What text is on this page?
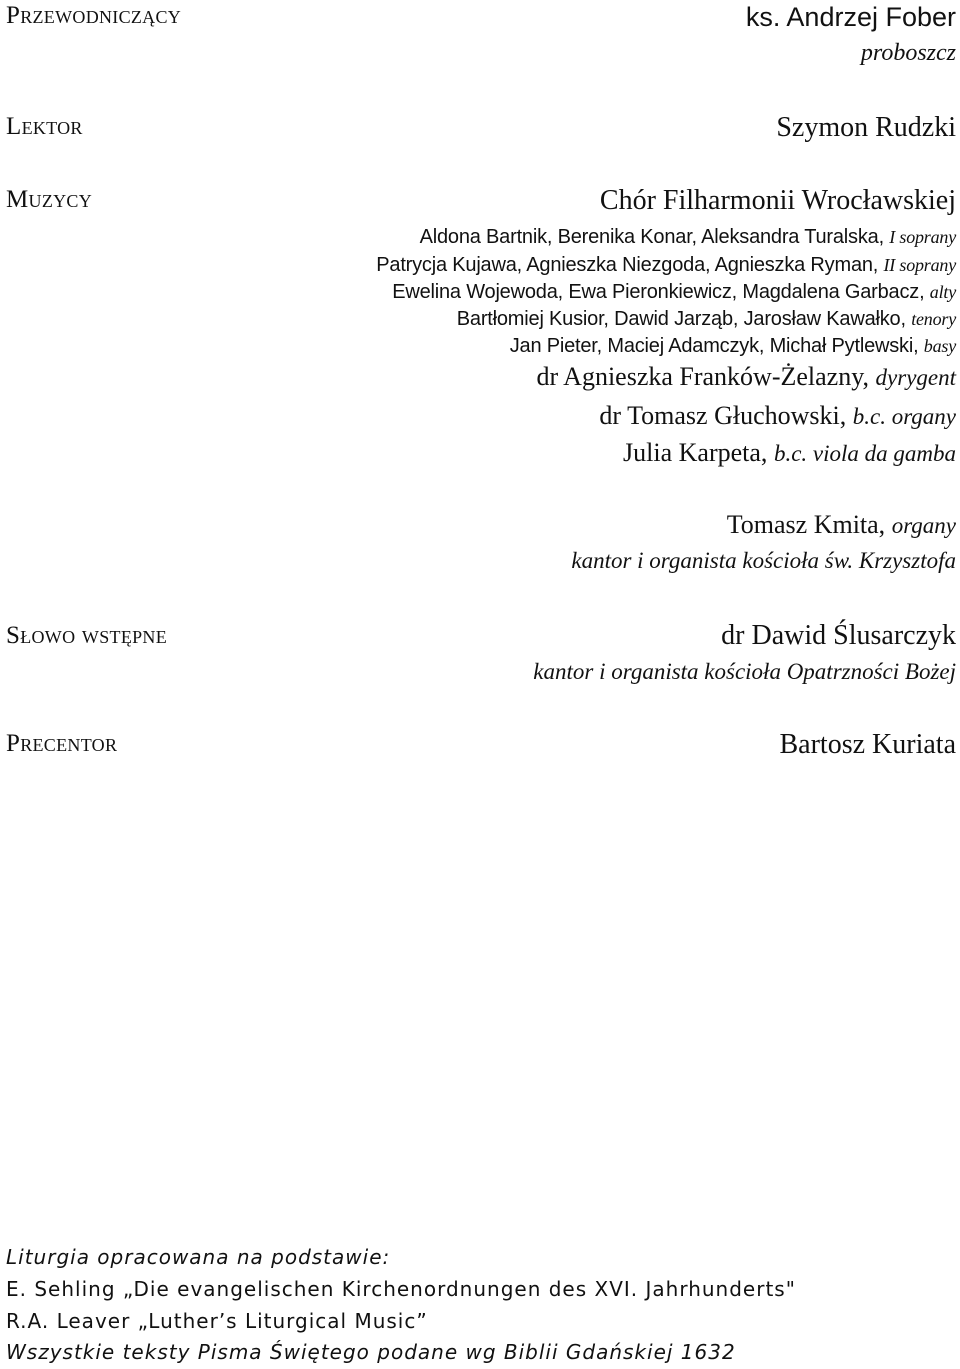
Przewodniczący	ks. Andrzej Fober
proboszcz
Lektor	Szymon Rudzki
Muzycy	Chór Filharmonii Wrocławskiej
Aldona Bartnik, Berenika Konar, Aleksandra Turalska, I soprany
Patrycja Kujawa, Agnieszka Niezgoda, Agnieszka Ryman, II soprany
Ewelina Wojewoda, Ewa Pieronkiewicz, Magdalena Garbacz, alty
Bartłomiej Kusior, Dawid Jarząb, Jarosław Kawałko, tenory
Jan Pieter, Maciej Adamczyk, Michał Pytlewski, basy
dr Agnieszka Franków-Żelazny, dyrygent
dr Tomasz Głuchowski, b.c. organy
Julia Karpeta, b.c. viola da gamba
Tomasz Kmita, organy
kantor i organista kościoła św. Krzysztofa
Słowo wstępne	dr Dawid Ślusarczyk
kantor i organista kościoła Opatrzności Bożej
Precentor	Bartosz Kuriata
Liturgia opracowana na podstawie:
E. Sehling „Die evangelischen Kirchenordnungen des XVI. Jahrhunderts"
R.A. Leaver „Luther’s Liturgical Music”
Wszystkie teksty Pisma Świętego podane wg Biblii Gdańskiej 1632
